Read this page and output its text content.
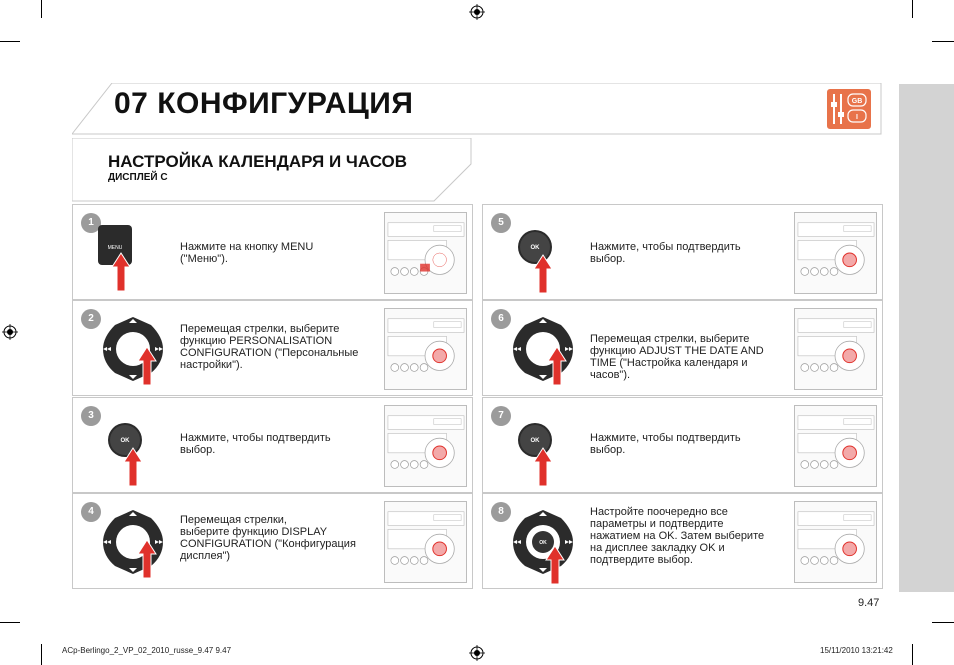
07 КОНФИГУРАЦИЯ	GB
I
НАСТРОЙКА КАЛЕНДАРЯ И ЧАСОВ
ДИСПЛЕЙ C
1
MENU	Нажмите на кнопку MENU
("Меню").
2
Перемещая стрелки, выберите
функцию PERSONALISATION
CONFIGURATION ("Персональные
настройки").
3
OK	Нажмите, чтобы подтвердить
выбор.
4
Перемещая стрелки,
выберите функцию DISPLAY
CONFIGURATION ("Конфигурация
дисплея")
5
OK	Нажмите, чтобы подтвердить
выбор.
6
Перемещая стрелки, выберите
функцию ADJUST THE DATE AND
TIME ("Настройка календаря и
часов").
7
OK	Нажмите, чтобы подтвердить
выбор.
8
OK
Настройте поочередно все
параметры и подтвердите
нажатием на OK. Затем выберите
на дисплее закладку OK и
подтвердите выбор.
9.47
ACp-Berlingo_2_VP_02_2010_russe_9.47 9.47	15/11/2010 13:21:42
